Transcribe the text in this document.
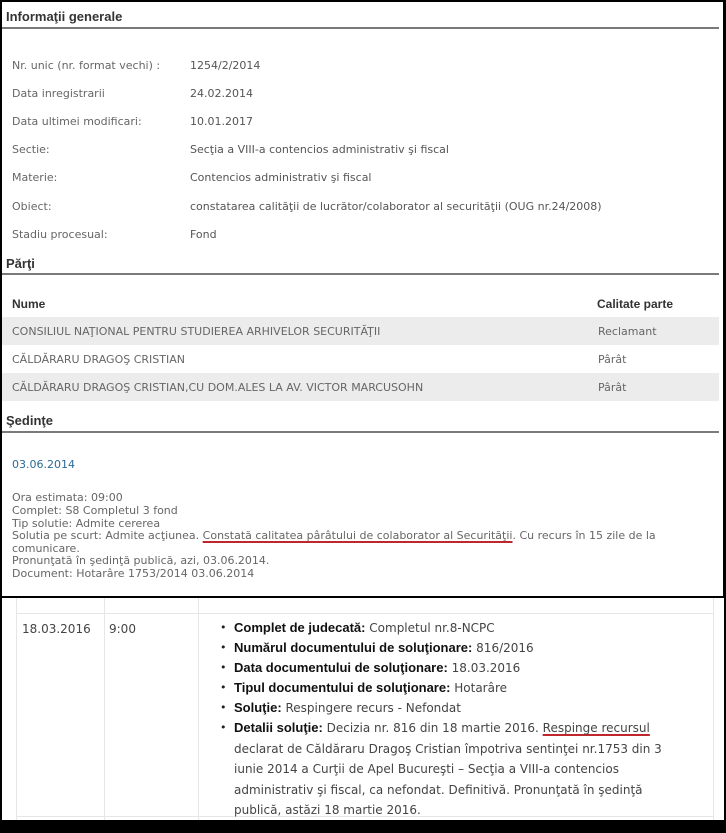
Informaţii generale
Nr. unic (nr. format vechi) :	1254/2/2014
Data inregistrarii	24.02.2014
Data ultimei modificari:	10.01.2017
Sectie:	Secţia a VIII-a contencios administrativ şi fiscal
Materie:	Contencios administrativ şi fiscal
Obiect:	constatarea calităţii de lucrător/colaborator al securităţii (OUG nr.24/2008)
Stadiu procesual:	Fond
Părţi
Nume	Calitate parte
CONSILIUL NAŢIONAL PENTRU STUDIEREA ARHIVELOR SECURITĂŢII	Reclamant
CĂLDĂRARU DRAGOŞ CRISTIAN	Pârât
CĂLDĂRARU DRAGOŞ CRISTIAN,CU DOM.ALES LA AV. VICTOR MARCUSOHN	Pârât
Şedinţe
03.06.2014
Ora estimata: 09:00
Complet: S8 Completul 3 fond
Tip solutie: Admite cererea
Solutia pe scurt: Admite acţiunea. Constată calitatea pârâtului de colaborator al Securităţii. Cu recurs în 15 zile de la comunicare.
Pronunţată în şedinţă publică, azi, 03.06.2014.
Document: Hotarâre 1753/2014 03.06.2014
18.03.2016 9:00	• Complet de judecată: Completul nr.8-NCPC
• Numărul documentului de soluţionare: 816/2016
• Data documentului de soluţionare: 18.03.2016
• Tipul documentului de soluţionare: Hotarâre
• Soluţie: Respingere recurs - Nefondat
• Detalii soluţie: Decizia nr. 816 din 18 martie 2016. Respinge recursul declarat de Căldăraru Dragoş Cristian împotriva sentinţei nr.1753 din 3 iunie 2014 a Curţii de Apel Bucureşti – Secţia a VIII-a contencios administrativ şi fiscal, ca nefondat. Definitivă. Pronunţată în şedinţă publică, astăzi 18 martie 2016.
